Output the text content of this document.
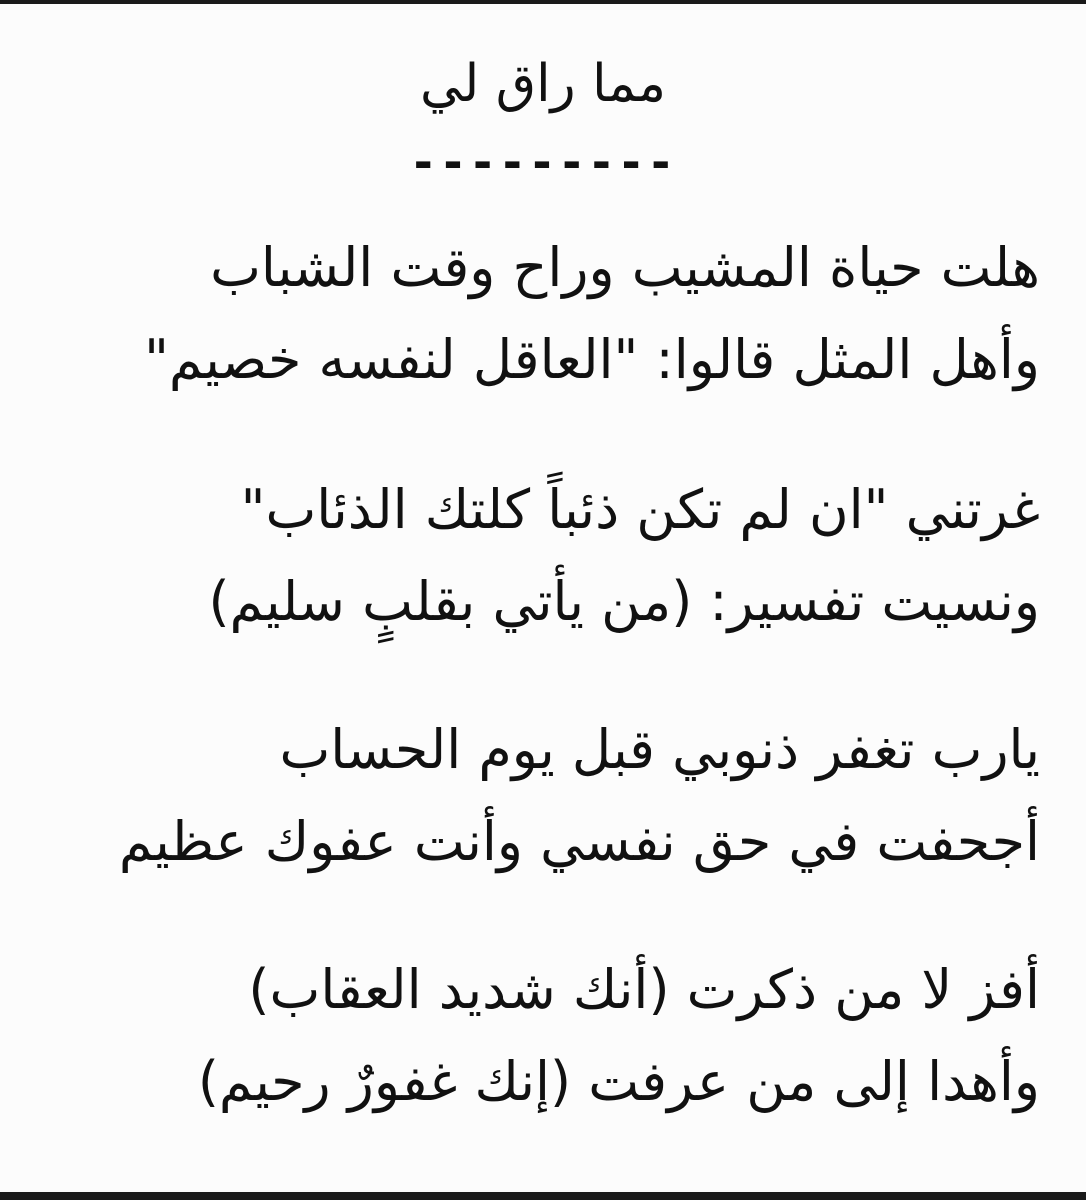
مما راق لي
---------
هلت حياة المشيب وراح وقت الشباب
وأهل المثل قالوا: "العاقل لنفسه خصيم"
غرتني "ان لم تكن ذئباً كلتك الذئاب"
ونسيت تفسير: (من يأتي بقلبٍ سليم)
يارب تغفر ذنوبي قبل يوم الحساب
أجحفت في حق نفسي وأنت عفوك عظيم
أفز لا من ذكرت (أنك شديد العقاب)
وأهدا إلى من عرفت (إنك غفورٌ رحيم)
